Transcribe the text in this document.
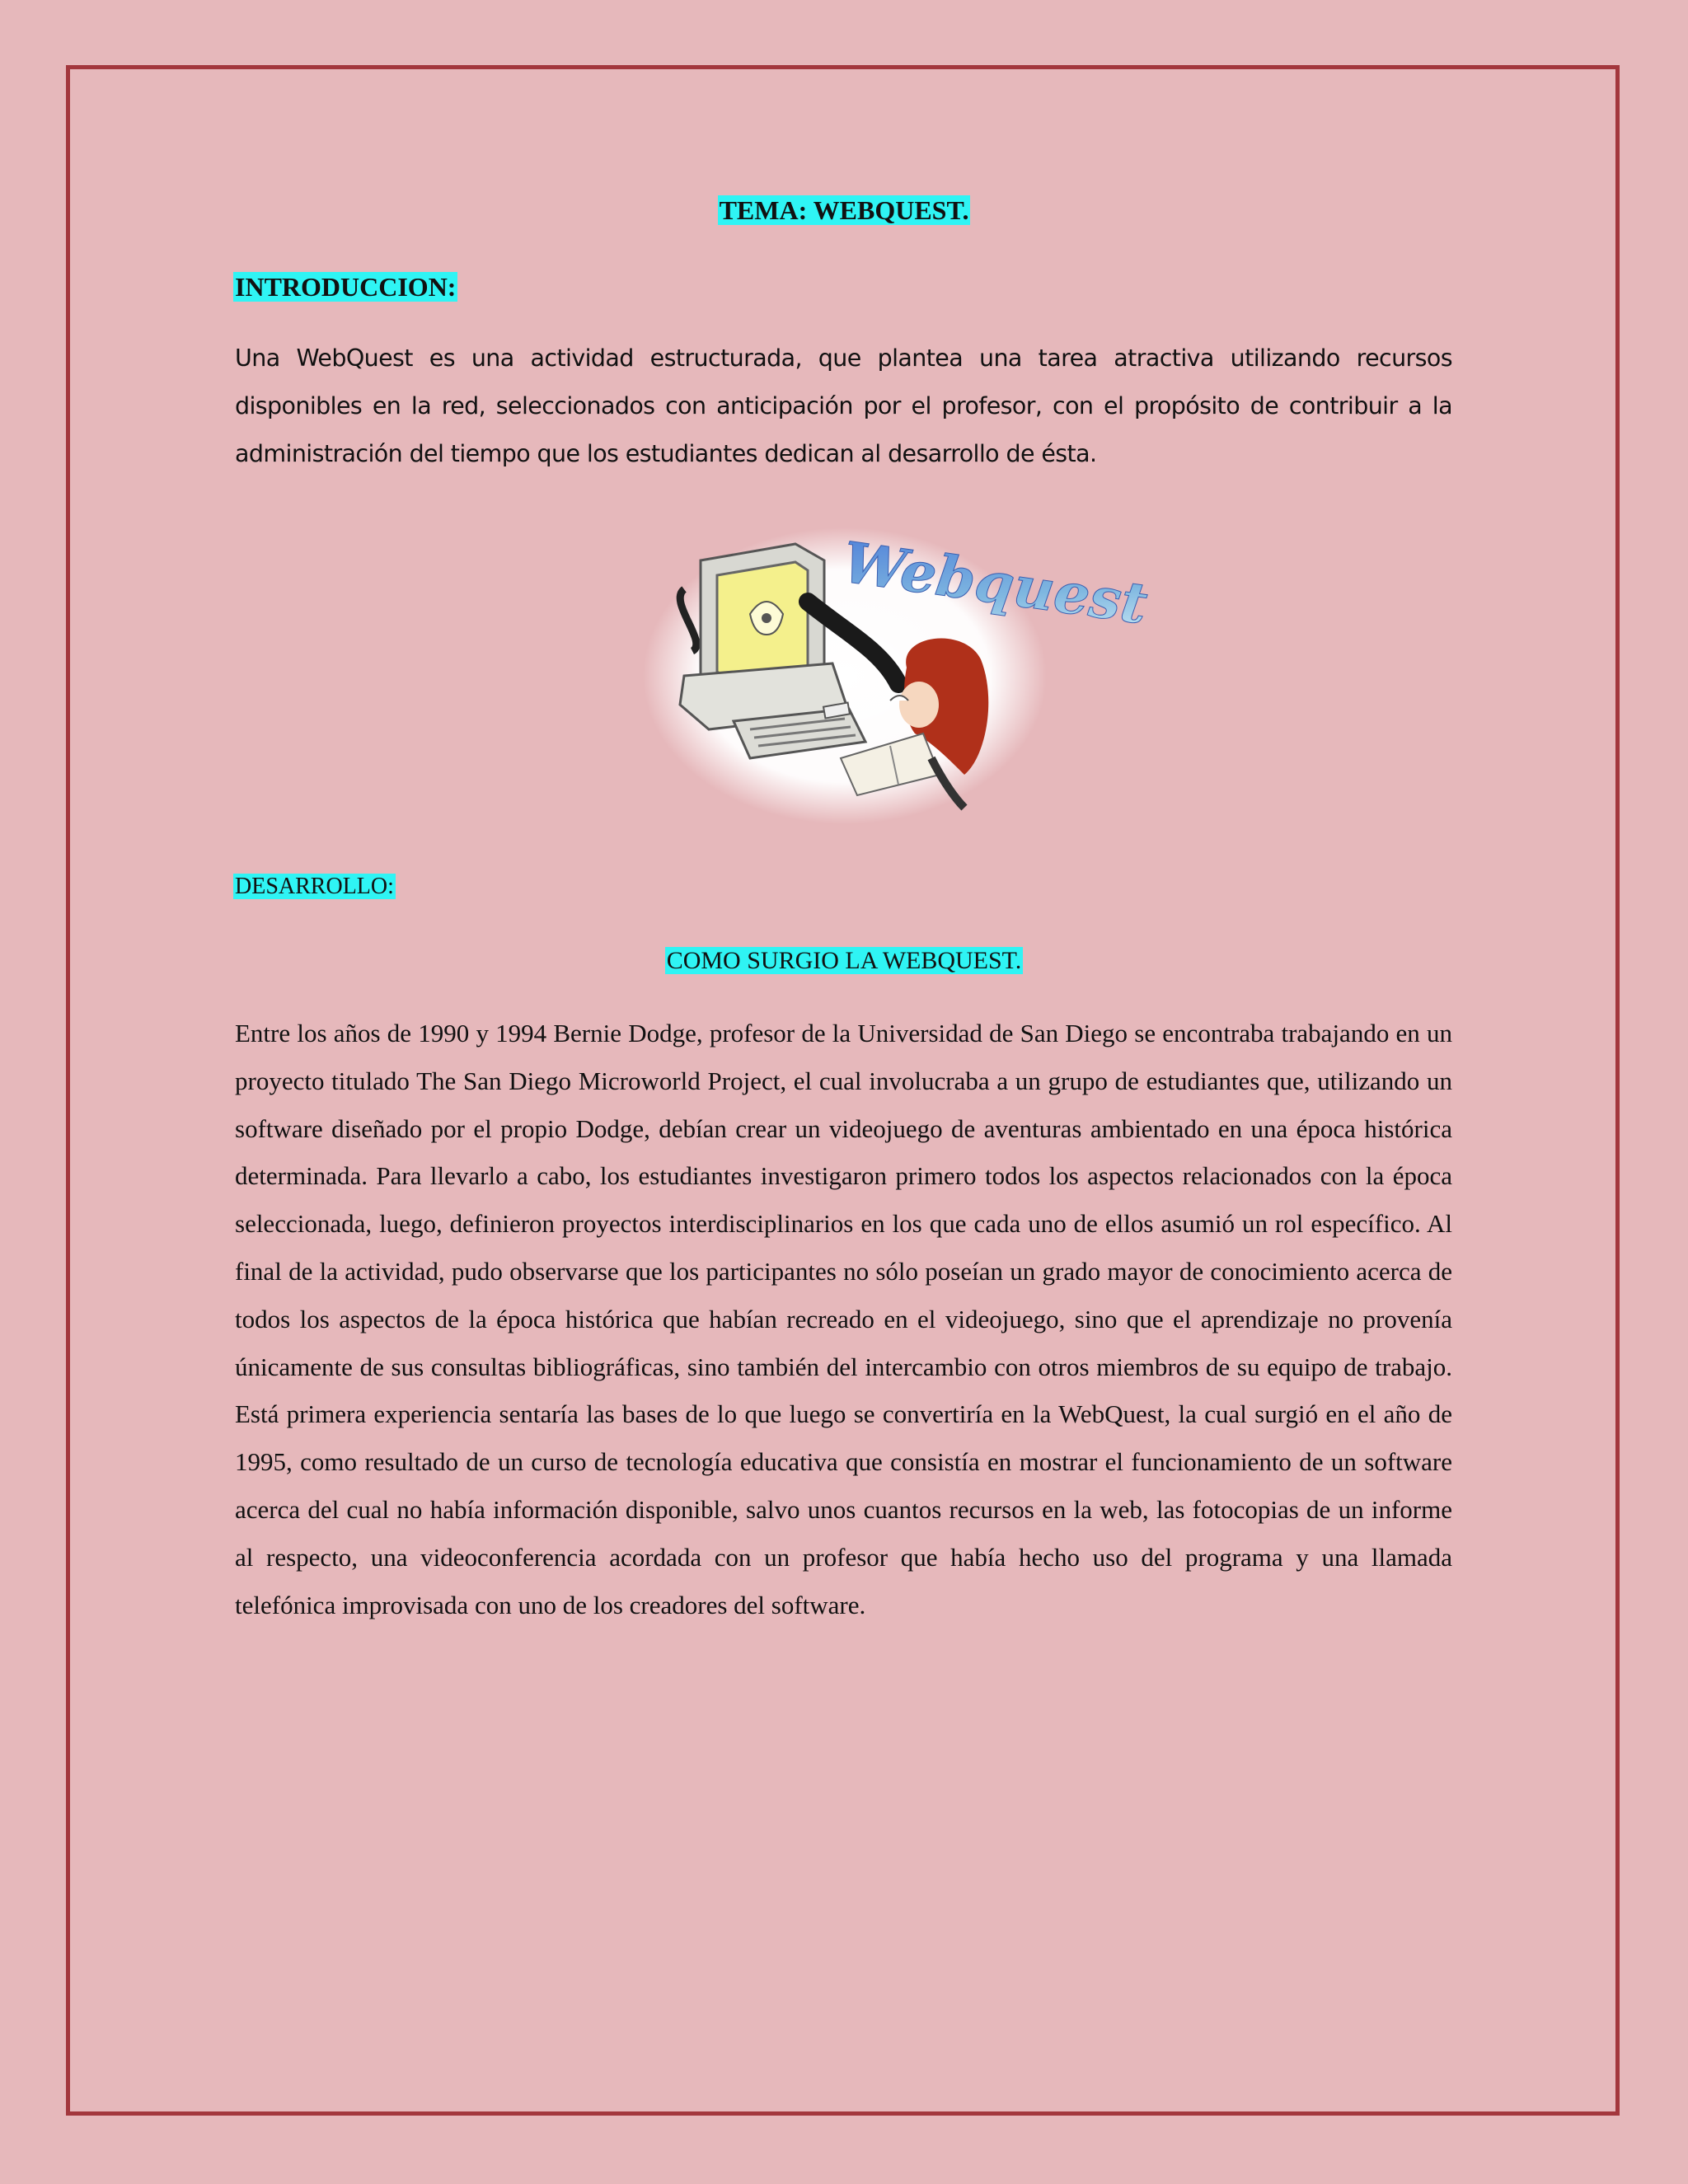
TEMA: WEBQUEST.
INTRODUCCION:
Una WebQuest es una actividad estructurada, que plantea una tarea atractiva utilizando recursos disponibles en la red, seleccionados con anticipación por el profesor, con el propósito de contribuir a la administración del tiempo que los estudiantes dedican al desarrollo de ésta.
Webquest
DESARROLLO:
COMO SURGIO LA WEBQUEST.
Entre los años de 1990 y 1994 Bernie Dodge, profesor de la Universidad de San Diego se encontraba trabajando en un proyecto titulado The San Diego Microworld Project, el cual involucraba a un grupo de estudiantes que, utilizando un software diseñado por el propio Dodge, debían crear un videojuego de aventuras ambientado en una época histórica determinada. Para llevarlo a cabo, los estudiantes investigaron primero todos los aspectos relacionados con la época seleccionada, luego, definieron proyectos interdisciplinarios en los que cada uno de ellos asumió un rol específico. Al final de la actividad, pudo observarse que los participantes no sólo poseían un grado mayor de conocimiento acerca de todos los aspectos de la época histórica que habían recreado en el videojuego, sino que el aprendizaje no provenía únicamente de sus consultas bibliográficas, sino también del intercambio con otros miembros de su equipo de trabajo. Está primera experiencia sentaría las bases de lo que luego se convertiría en la WebQuest, la cual surgió en el año de 1995, como resultado de un curso de tecnología educativa que consistía en mostrar el funcionamiento de un software acerca del cual no había información disponible, salvo unos cuantos recursos en la web, las fotocopias de un informe al respecto, una videoconferencia acordada con un profesor que había hecho uso del programa y una llamada telefónica improvisada con uno de los creadores del software.
